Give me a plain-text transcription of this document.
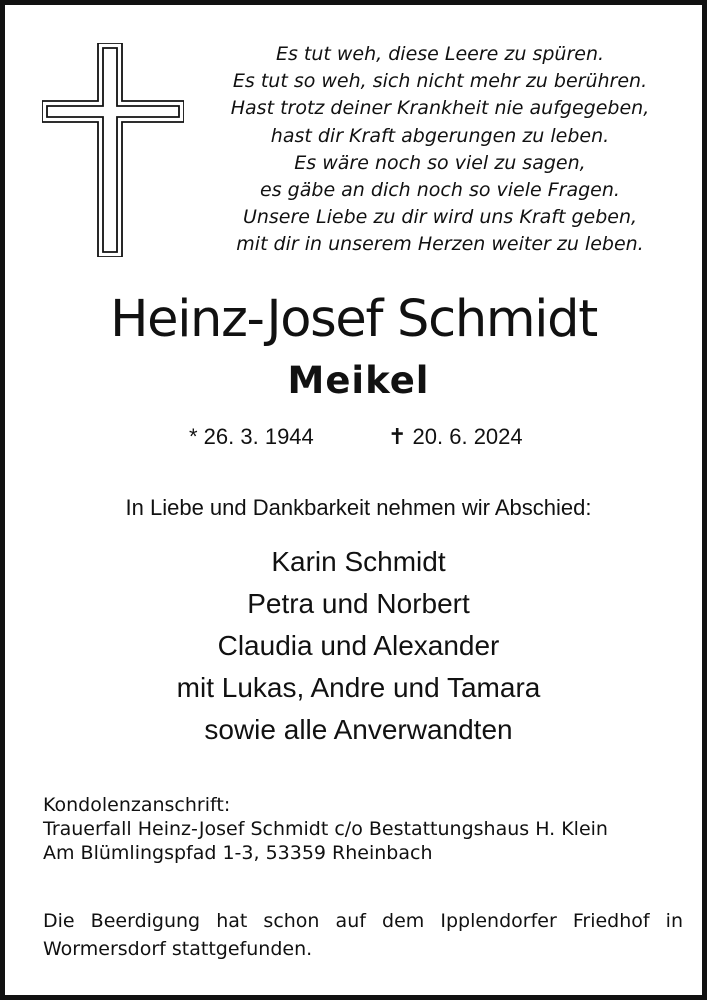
Es tut weh, diese Leere zu spüren.
Es tut so weh, sich nicht mehr zu berühren.
Hast trotz deiner Krankheit nie aufgegeben,
hast dir Kraft abgerungen zu leben.
Es wäre noch so viel zu sagen,
es gäbe an dich noch so viele Fragen.
Unsere Liebe zu dir wird uns Kraft geben,
mit dir in unserem Herzen weiter zu leben.
Heinz-Josef Schmidt
Meikel
* 26. 3. 1944	✝ 20. 6. 2024
In Liebe und Dankbarkeit nehmen wir Abschied:
Karin Schmidt
Petra und Norbert
Claudia und Alexander
mit Lukas, Andre und Tamara
sowie alle Anverwandten
Kondolenzanschrift:
Trauerfall Heinz-Josef Schmidt c/o Bestattungshaus H. Klein
Am Blümlingspfad 1-3, 53359 Rheinbach
Die Beerdigung hat schon auf dem Ipplendorfer Friedhof in Wormersdorf stattgefunden.
